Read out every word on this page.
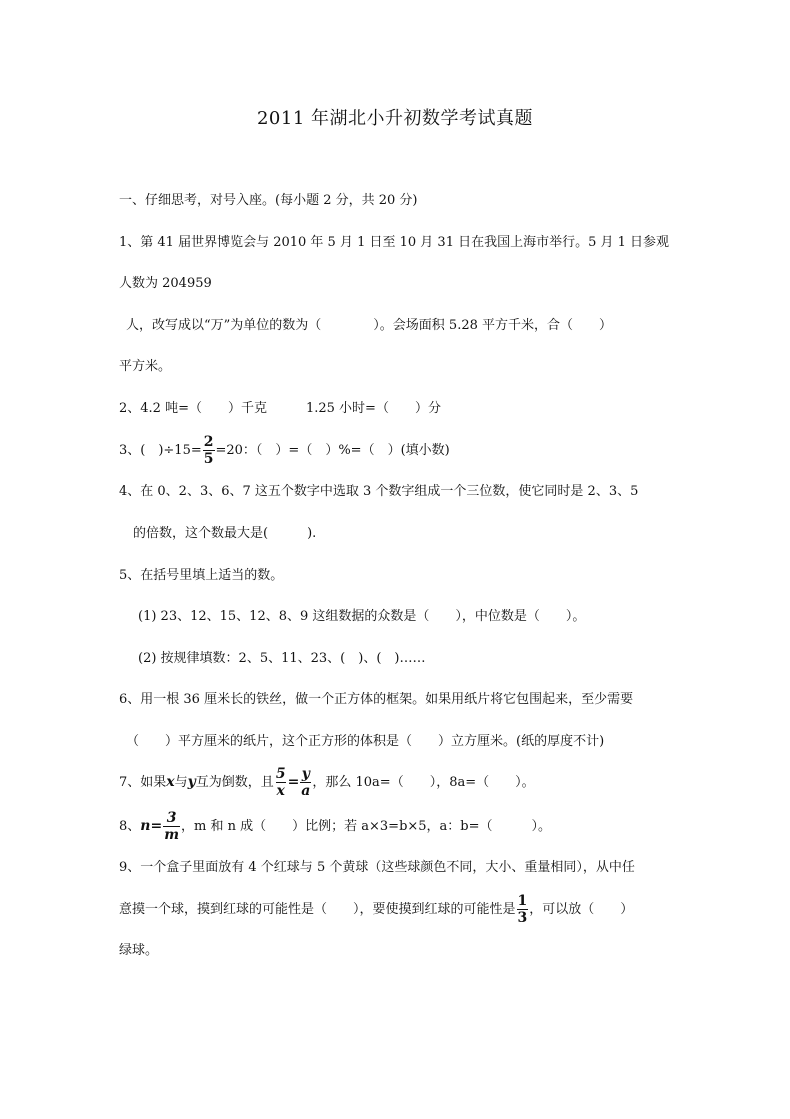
2011 年湖北小升初数学考试真题
一、仔细思考，对号入座。(每小题 2 分，共 20 分)
1、第 41 届世界博览会与 2010 年 5 月 1 日至 10 月 31 日在我国上海市举行。5 月 1 日参观
人数为 204959
人，改写成以“万”为单位的数为（　　　　）。会场面积 5.28 平方千米，合（　　）
平方米。
2、4.2 吨=（　　）千克　　　1.25 小时=（　　）分
3、(　)$\div 15= \frac{2}{5} =20$：（　）=（　）%=（　）(填小数)
4、在 0、2、3、6、7 这五个数字中选取 3 个数字组成一个三位数，使它同时是 2、3、5
的倍数，这个数最大是(　　　).
5、在括号里填上适当的数。
(1) 23、12、15、12、8、9 这组数据的众数是（　　），中位数是（　　）。
(2) 按规律填数：2、5、11、23、(　)、(　)……
6、用一根 36 厘米长的铁丝，做一个正方体的框架。如果用纸片将它包围起来，至少需要
（　　）平方厘米的纸片，这个正方形的体积是（　　）立方厘米。(纸的厚度不计)
7、如果x与y互为倒数，且 $\frac{5}{x} = \frac{y}{a}$ ，那么 10a=（　　），8a=（　　）。
8、$n= \frac{3}{m}$ ，m 和 n 成（　　）比例；若 a×3=b×5，a：b=（　　　）。
9、一个盒子里面放有 4 个红球与 5 个黄球（这些球颜色不同，大小、重量相同），从中任
意摸一个球，摸到红球的可能性是（　　），要使摸到红球的可能性是 $\frac{1}{3}$ ，可以放（　　）
绿球。
